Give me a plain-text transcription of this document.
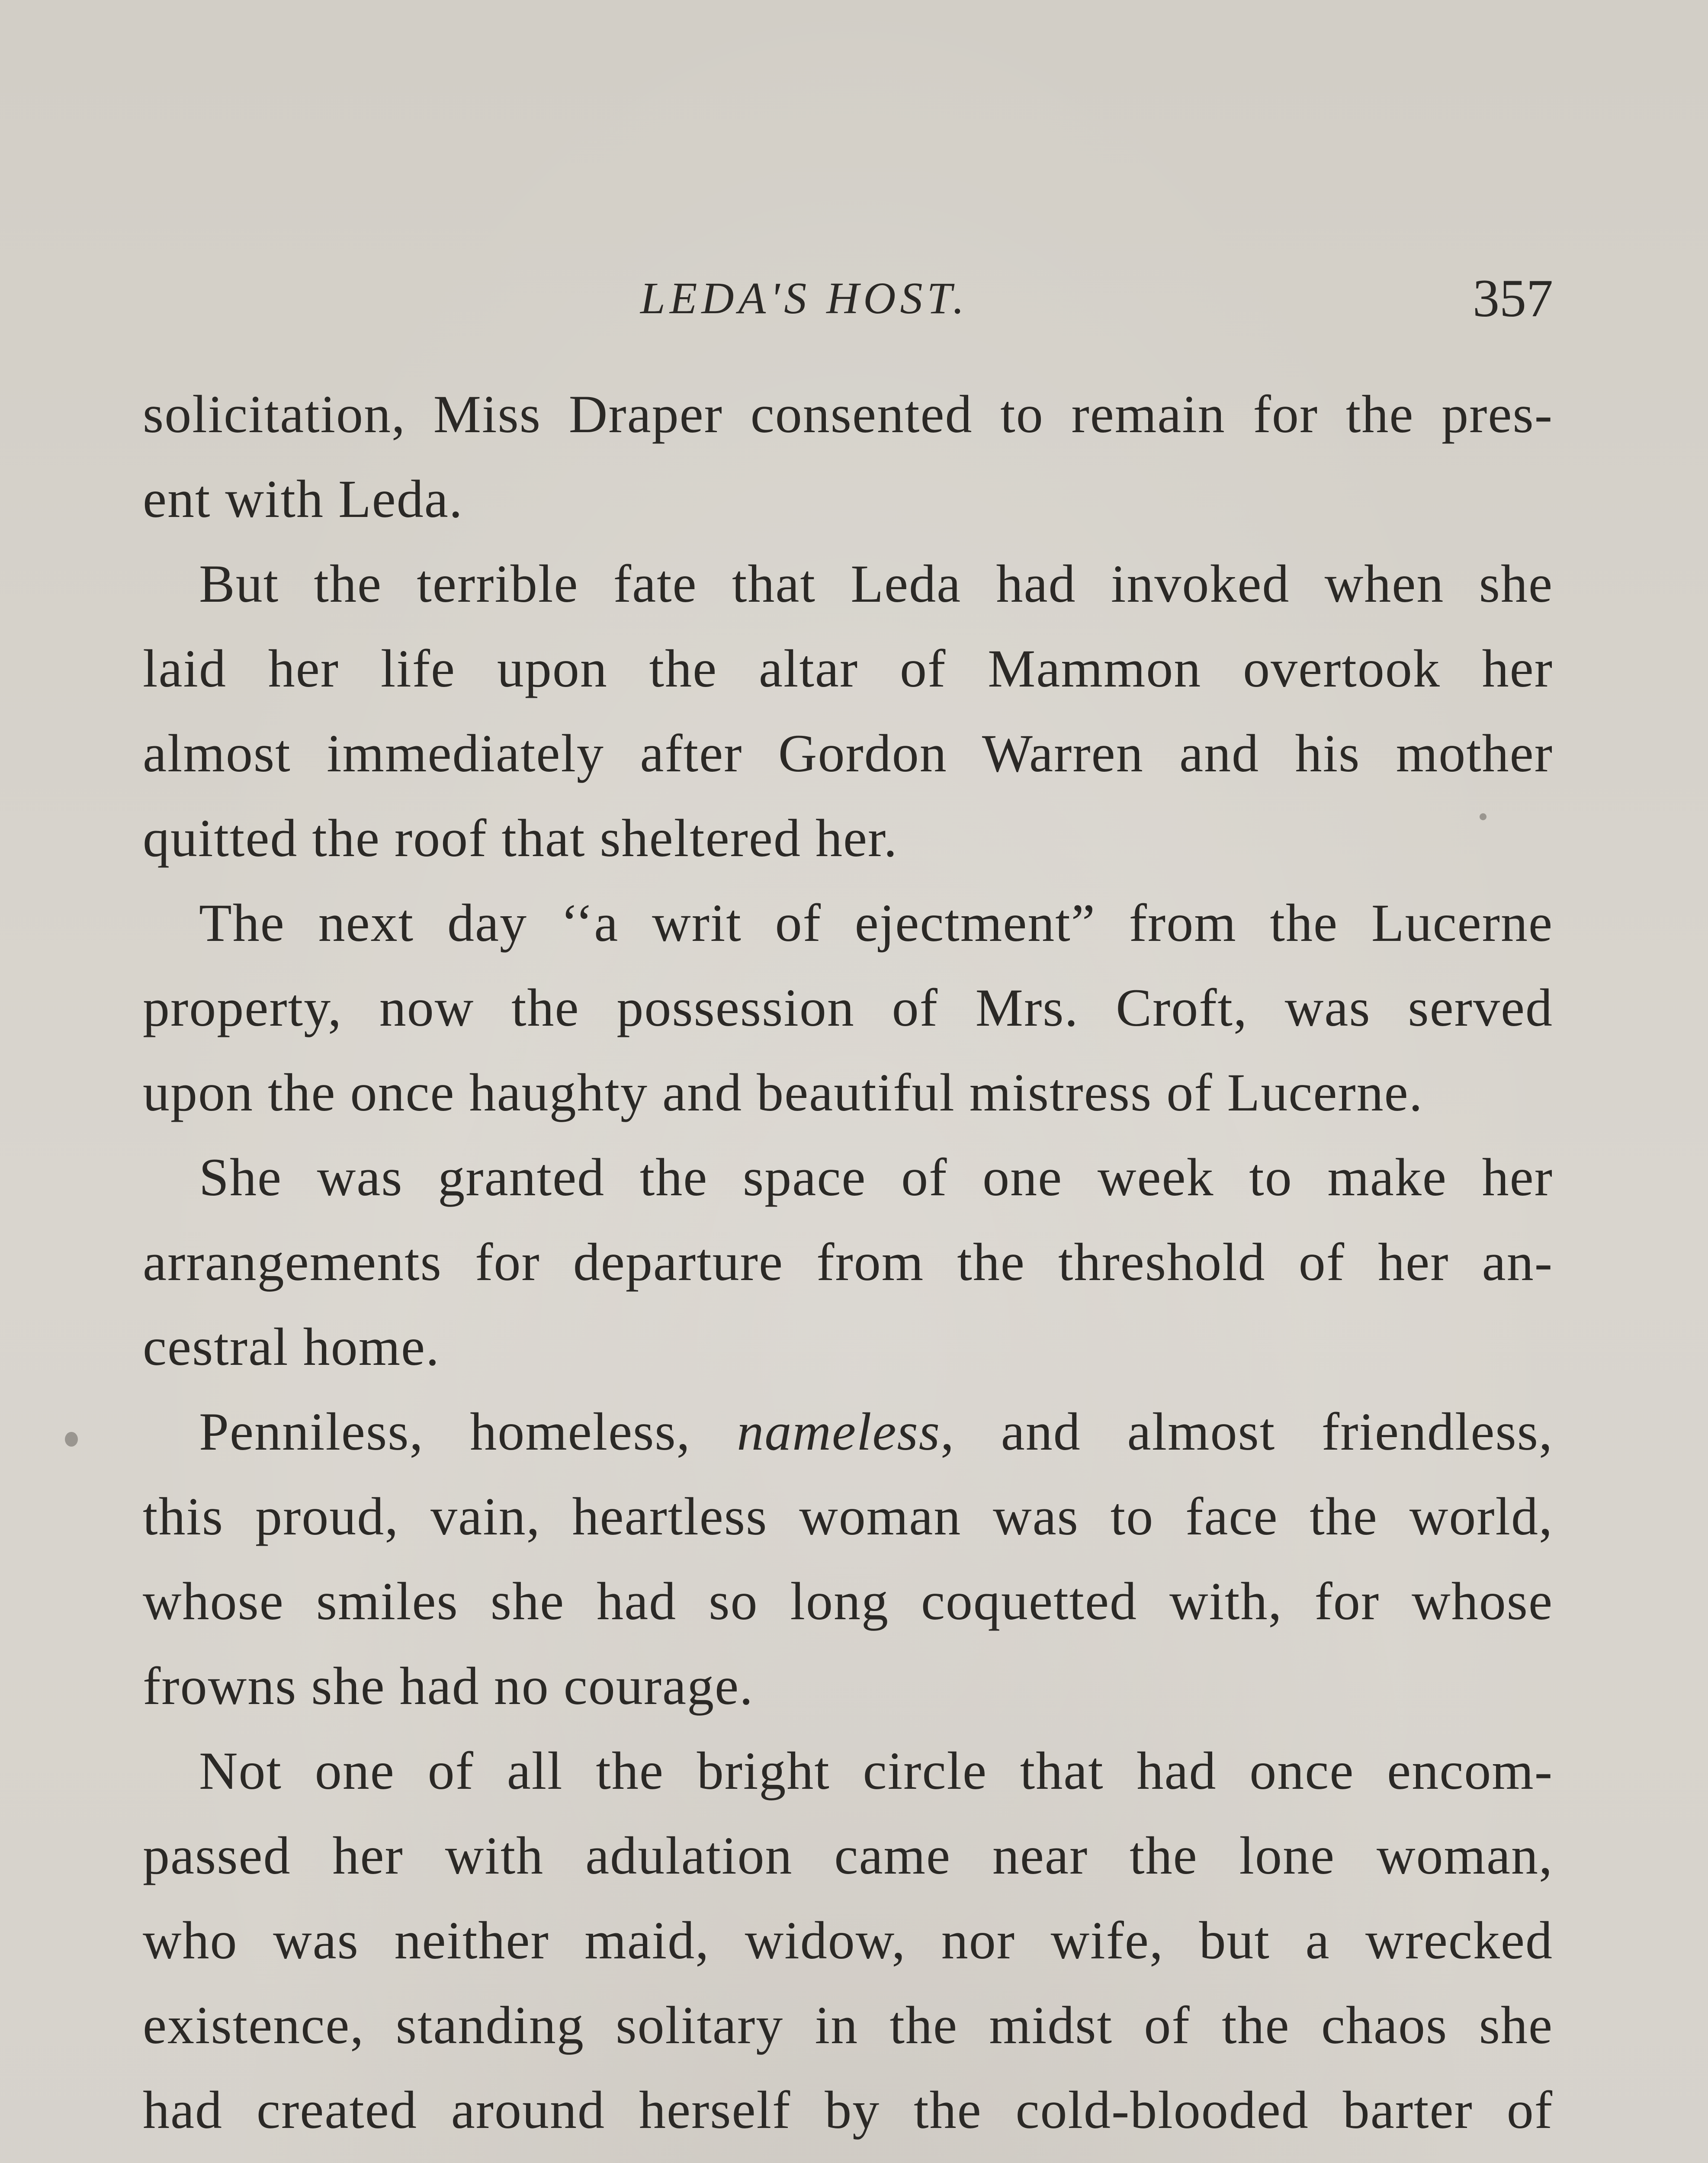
LEDA'S HOST.	357

solicitation, Miss Draper consented to remain for the pres-
ent with Leda.

But the terrible fate that Leda had invoked when she
laid her life upon the altar of Mammon overtook her
almost immediately after Gordon Warren and his mother
quitted the roof that sheltered her.

The next day ‘‘a writ of ejectment” from the Lucerne
property, now the possession of Mrs. Croft, was served
upon the once haughty and beautiful mistress of Lucerne.

She was granted the space of one week to make her
arrangements for departure from the threshold of her an-
cestral home.

Penniless, homeless, nameless, and almost friendless,
this proud, vain, heartless woman was to face the world,
whose smiles she had so long coquetted with, for whose
frowns she had no courage.

Not one of all the bright circle that had once encom-
passed her with adulation came near the lone woman,
who was neither maid, widow, nor wife, but a wrecked
existence, standing solitary in the midst of the chaos she
had created around herself by the cold-blooded barter of
